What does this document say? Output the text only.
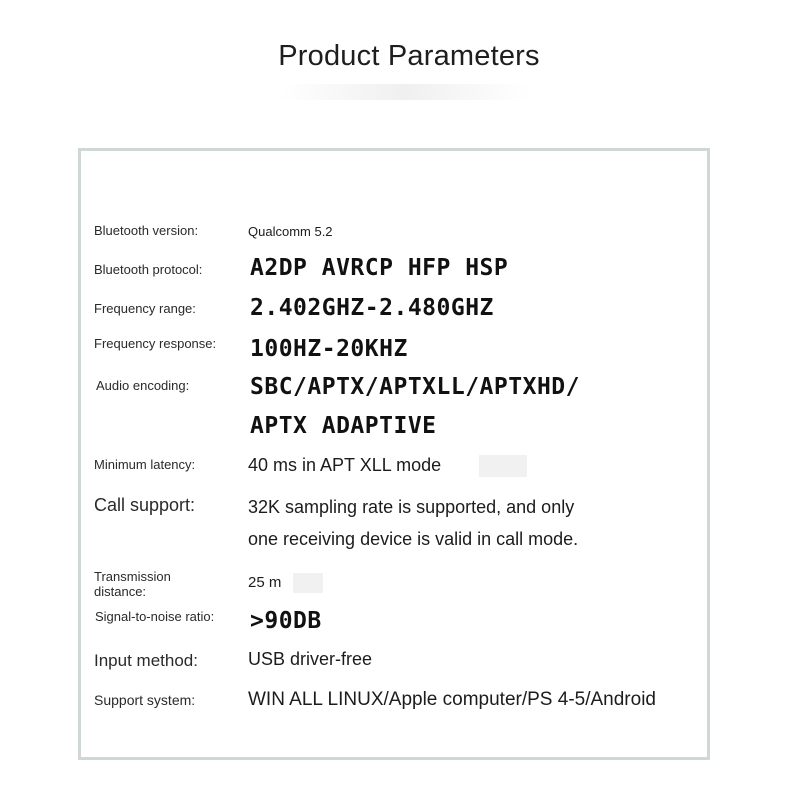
Product Parameters
Bluetooth version:	Qualcomm 5.2
Bluetooth protocol: A2DP AVRCP HFP HSP
Frequency range: 2.402GHZ-2.480GHZ
Frequency response: 100HZ-20KHZ
Audio encoding:	SBC/APTX/APTXLL/APTXHD/
APTX ADAPTIVE
Minimum latency:	40 ms in APT XLL mode
Call support:	32K sampling rate is supported, and only
one receiving device is valid in call mode.
Transmission distance:
25 m
Signal-to-noise ratio: >90DB
Input method:	USB driver-free
Support system:	WIN ALL LINUX/Apple computer/PS 4-5/Android
